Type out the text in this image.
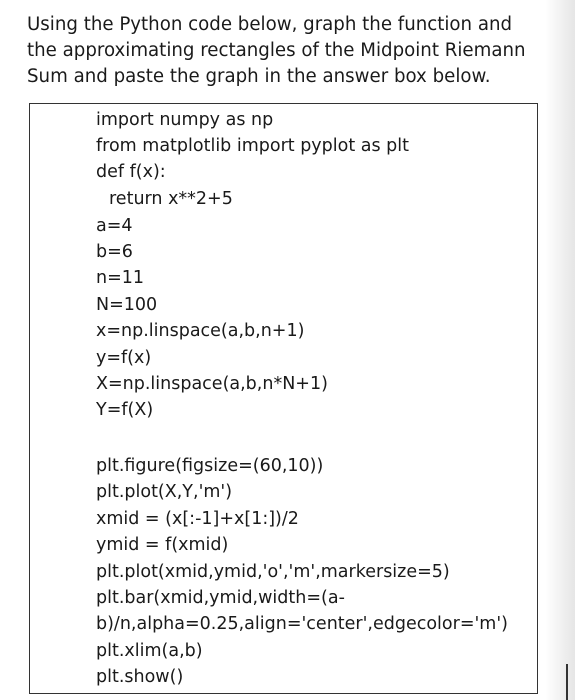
Using the Python code below, graph the function and
the approximating rectangles of the Midpoint Riemann
Sum and paste the graph in the answer box below.
import numpy as np
from matplotlib import pyplot as plt
def f(x):
return x**2+5
a=4
b=6
n=11
N=100
x=np.linspace(a,b,n+1)
y=f(x)
X=np.linspace(a,b,n*N+1)
Y=f(X)
plt.figure(figsize=(60,10))
plt.plot(X,Y,'m')
xmid = (x[:-1]+x[1:])/2
ymid = f(xmid)
plt.plot(xmid,ymid,'o','m',markersize=5)
plt.bar(xmid,ymid,width=(a-
b)/n,alpha=0.25,align='center',edgecolor='m')
plt.xlim(a,b)
plt.show()
